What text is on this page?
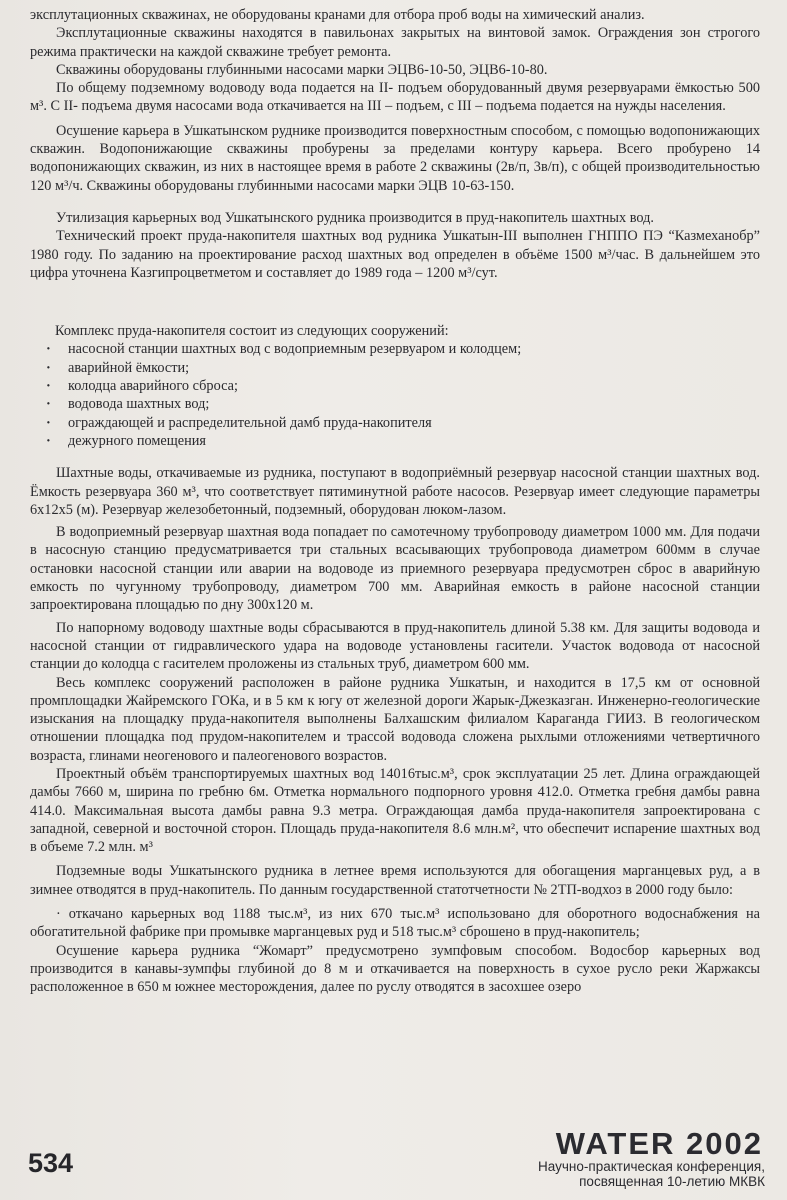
эксплутационных скважинах, не оборудованы кранами для отбора проб воды на химический анализ.

Эксплутационные скважины находятся в павильонах закрытых на винтовой замок. Ограждения зон строгого режима практически на каждой скважине требует ремонта.

Скважины оборудованы глубинными насосами марки ЭЦВ6-10-50, ЭЦВ6-10-80.

По общему подземному водоводу вода подается на II- подъем оборудованный двумя резервуарами ёмкостью 500 м³. С II- подъема двумя насосами вода откачивается на III – подъем, с III – подъема подается на нужды населения.

Осушение карьера в Ушкатынском руднике производится поверхностным способом, с помощью водопонижающих скважин. Водопонижающие скважины пробурены за пределами контуру карьера. Всего пробурено 14 водопонижающих скважин, из них в настоящее время в работе 2 скважины (2в/п, 3в/п), с общей производительностью 120 м³/ч. Скважины оборудованы глубинными насосами марки ЭЦВ 10-63-150.

Утилизация карьерных вод Ушкатынского рудника производится в пруд-накопитель шахтных вод.

Технический проект пруда-накопителя шахтных вод рудника Ушкатын-III выполнен ГНППО ПЭ “Казмеханобр” 1980 году. По заданию на проектирование расход шахтных вод определен в объёме 1500 м³/час. В дальнейшем это цифра уточнена Казгипроцветметом и составляет до 1989 года – 1200 м³/сут.

Комплекс пруда-накопителя состоит из следующих сооружений:

· насосной станции шахтных вод с водоприемным резервуаром и колодцем;
· аварийной ёмкости;
· колодца аварийного сброса;
· водовода шахтных вод;
· ограждающей и распределительной дамб пруда-накопителя
· дежурного помещения

Шахтные воды, откачиваемые из рудника, поступают в водоприёмный резервуар насосной станции шахтных вод. Ёмкость резервуара 360 м³, что соответствует пятиминутной работе насосов. Резервуар имеет следующие параметры 6х12х5 (м). Резервуар железобетонный, подземный, оборудован люком-лазом.

В водоприемный резервуар шахтная вода попадает по самотечному трубопроводу диаметром 1000 мм. Для подачи в насосную станцию предусматривается три стальных всасывающих трубопровода диаметром 600мм в случае остановки насосной станции или аварии на водоводе из приемного резервуара предусмотрен сброс в аварийную емкость по чугунному трубопроводу, диаметром 700 мм. Аварийная емкость в районе насосной станции запроектирована площадью по дну 300х120 м.

По напорному водоводу шахтные воды сбрасываются в пруд-накопитель длиной 5.38 км. Для защиты водовода и насосной станции от гидравлического удара на водоводе установлены гасители. Участок водовода от насосной станции до колодца с гасителем проложены из стальных труб, диаметром 600 мм.

Весь комплекс сооружений расположен в районе рудника Ушкатын, и находится в 17,5 км от основной промплощадки Жайремского ГОКа, и в 5 км к югу от железной дороги Жарык-Джезказган. Инженерно-геологические изыскания на площадку пруда-накопителя выполнены Балхашским филиалом Караганда ГИИЗ. В геологическом отношении площадка под прудом-накопителем и трассой водовода сложена рыхлыми отложениями четвертичного возраста, глинами неогенового и палеогенового возрастов.

Проектный объём транспортируемых шахтных вод 14016тыс.м³, срок эксплуатации 25 лет. Длина ограждающей дамбы 7660 м, ширина по гребню 6м. Отметка нормального подпорного уровня 412.0. Отметка гребня дамбы равна 414.0. Максимальная высота дамбы равна 9.3 метра. Ограждающая дамба пруда-накопителя запроектирована с западной, северной и восточной сторон. Площадь пруда-накопителя 8.6 млн.м², что обеспечит испарение шахтных вод в объеме 7.2 млн. м³

Подземные воды Ушкатынского рудника в летнее время используются для обогащения марганцевых руд, а в зимнее отводятся в пруд-накопитель. По данным государственной статотчетности № 2ТП-водхоз в 2000 году было:

· откачано карьерных вод 1188 тыс.м³, из них 670 тыс.м³ использовано для оборотного водоснабжения на обогатительной фабрике при промывке марганцевых руд и 518 тыс.м³ сброшено в пруд-накопитель;

Осушение карьера рудника “Жомарт” предусмотрено зумпфовым способом. Водосбор карьерных вод производится в канавы-зумпфы глубиной до 8 м и откачивается на поверхность в сухое русло реки Жаржаксы расположенное в 650 м южнее месторождения, далее по руслу отводятся в засохшее озеро

534
WATER 2002
Научно-практическая конференция,
посвященная 10-летию МКВК
